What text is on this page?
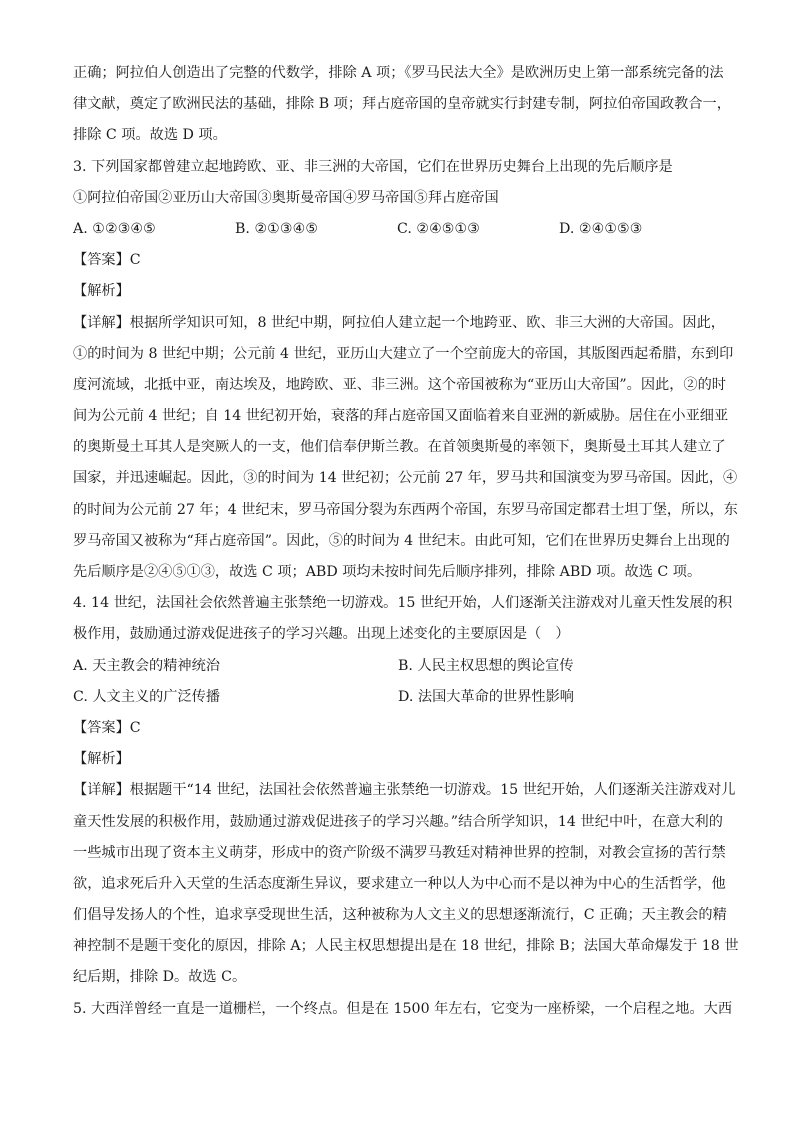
正确；阿拉伯人创造出了完整的代数学，排除 A 项；《罗马民法大全》是欧洲历史上第一部系统完备的法
律文献，奠定了欧洲民法的基础，排除 B 项；拜占庭帝国的皇帝就实行封建专制，阿拉伯帝国政教合一，
排除 C 项。故选 D 项。
3. 下列国家都曾建立起地跨欧、亚、非三洲的大帝国，它们在世界历史舞台上出现的先后顺序是
①阿拉伯帝国②亚历山大帝国③奥斯曼帝国④罗马帝国⑤拜占庭帝国
A. ①②③④⑤	B. ②①③④⑤	C. ②④⑤①③	D. ②④①⑤③
【答案】C
【解析】
【详解】根据所学知识可知，8 世纪中期，阿拉伯人建立起一个地跨亚、欧、非三大洲的大帝国。因此，
①的时间为 8 世纪中期；公元前 4 世纪，亚历山大建立了一个空前庞大的帝国，其版图西起希腊，东到印
度河流域，北抵中亚，南达埃及，地跨欧、亚、非三洲。这个帝国被称为“亚历山大帝国”。因此，②的时
间为公元前 4 世纪；自 14 世纪初开始，衰落的拜占庭帝国又面临着来自亚洲的新威胁。居住在小亚细亚
的奥斯曼土耳其人是突厥人的一支，他们信奉伊斯兰教。在首领奥斯曼的率领下，奥斯曼土耳其人建立了
国家，并迅速崛起。因此，③的时间为 14 世纪初；公元前 27 年，罗马共和国演变为罗马帝国。因此，④
的时间为公元前 27 年；4 世纪末，罗马帝国分裂为东西两个帝国，东罗马帝国定都君士坦丁堡，所以，东
罗马帝国又被称为“拜占庭帝国”。因此，⑤的时间为 4 世纪末。由此可知，它们在世界历史舞台上出现的
先后顺序是②④⑤①③，故选 C 项；ABD 项均未按时间先后顺序排列，排除 ABD 项。故选 C 项。
4. 14 世纪，法国社会依然普遍主张禁绝一切游戏。15 世纪开始，人们逐渐关注游戏对儿童天性发展的积
极作用，鼓励通过游戏促进孩子的学习兴趣。出现上述变化的主要原因是（　）
A. 天主教会的精神统治	B. 人民主权思想的舆论宣传
C. 人文主义的广泛传播	D. 法国大革命的世界性影响
【答案】C
【解析】
【详解】根据题干“14 世纪，法国社会依然普遍主张禁绝一切游戏。15 世纪开始，人们逐渐关注游戏对儿
童天性发展的积极作用，鼓励通过游戏促进孩子的学习兴趣。”结合所学知识，14 世纪中叶，在意大利的
一些城市出现了资本主义萌芽，形成中的资产阶级不满罗马教廷对精神世界的控制，对教会宣扬的苦行禁
欲，追求死后升入天堂的生活态度渐生异议，要求建立一种以人为中心而不是以神为中心的生活哲学，他
们倡导发扬人的个性，追求享受现世生活，这种被称为人文主义的思想逐渐流行，C 正确；天主教会的精
神控制不是题干变化的原因，排除 A；人民主权思想提出是在 18 世纪，排除 B；法国大革命爆发于 18 世
纪后期，排除 D。故选 C。
5. 大西洋曾经一直是一道栅栏，一个终点。但是在 1500 年左右，它变为一座桥梁，一个启程之地。大西
